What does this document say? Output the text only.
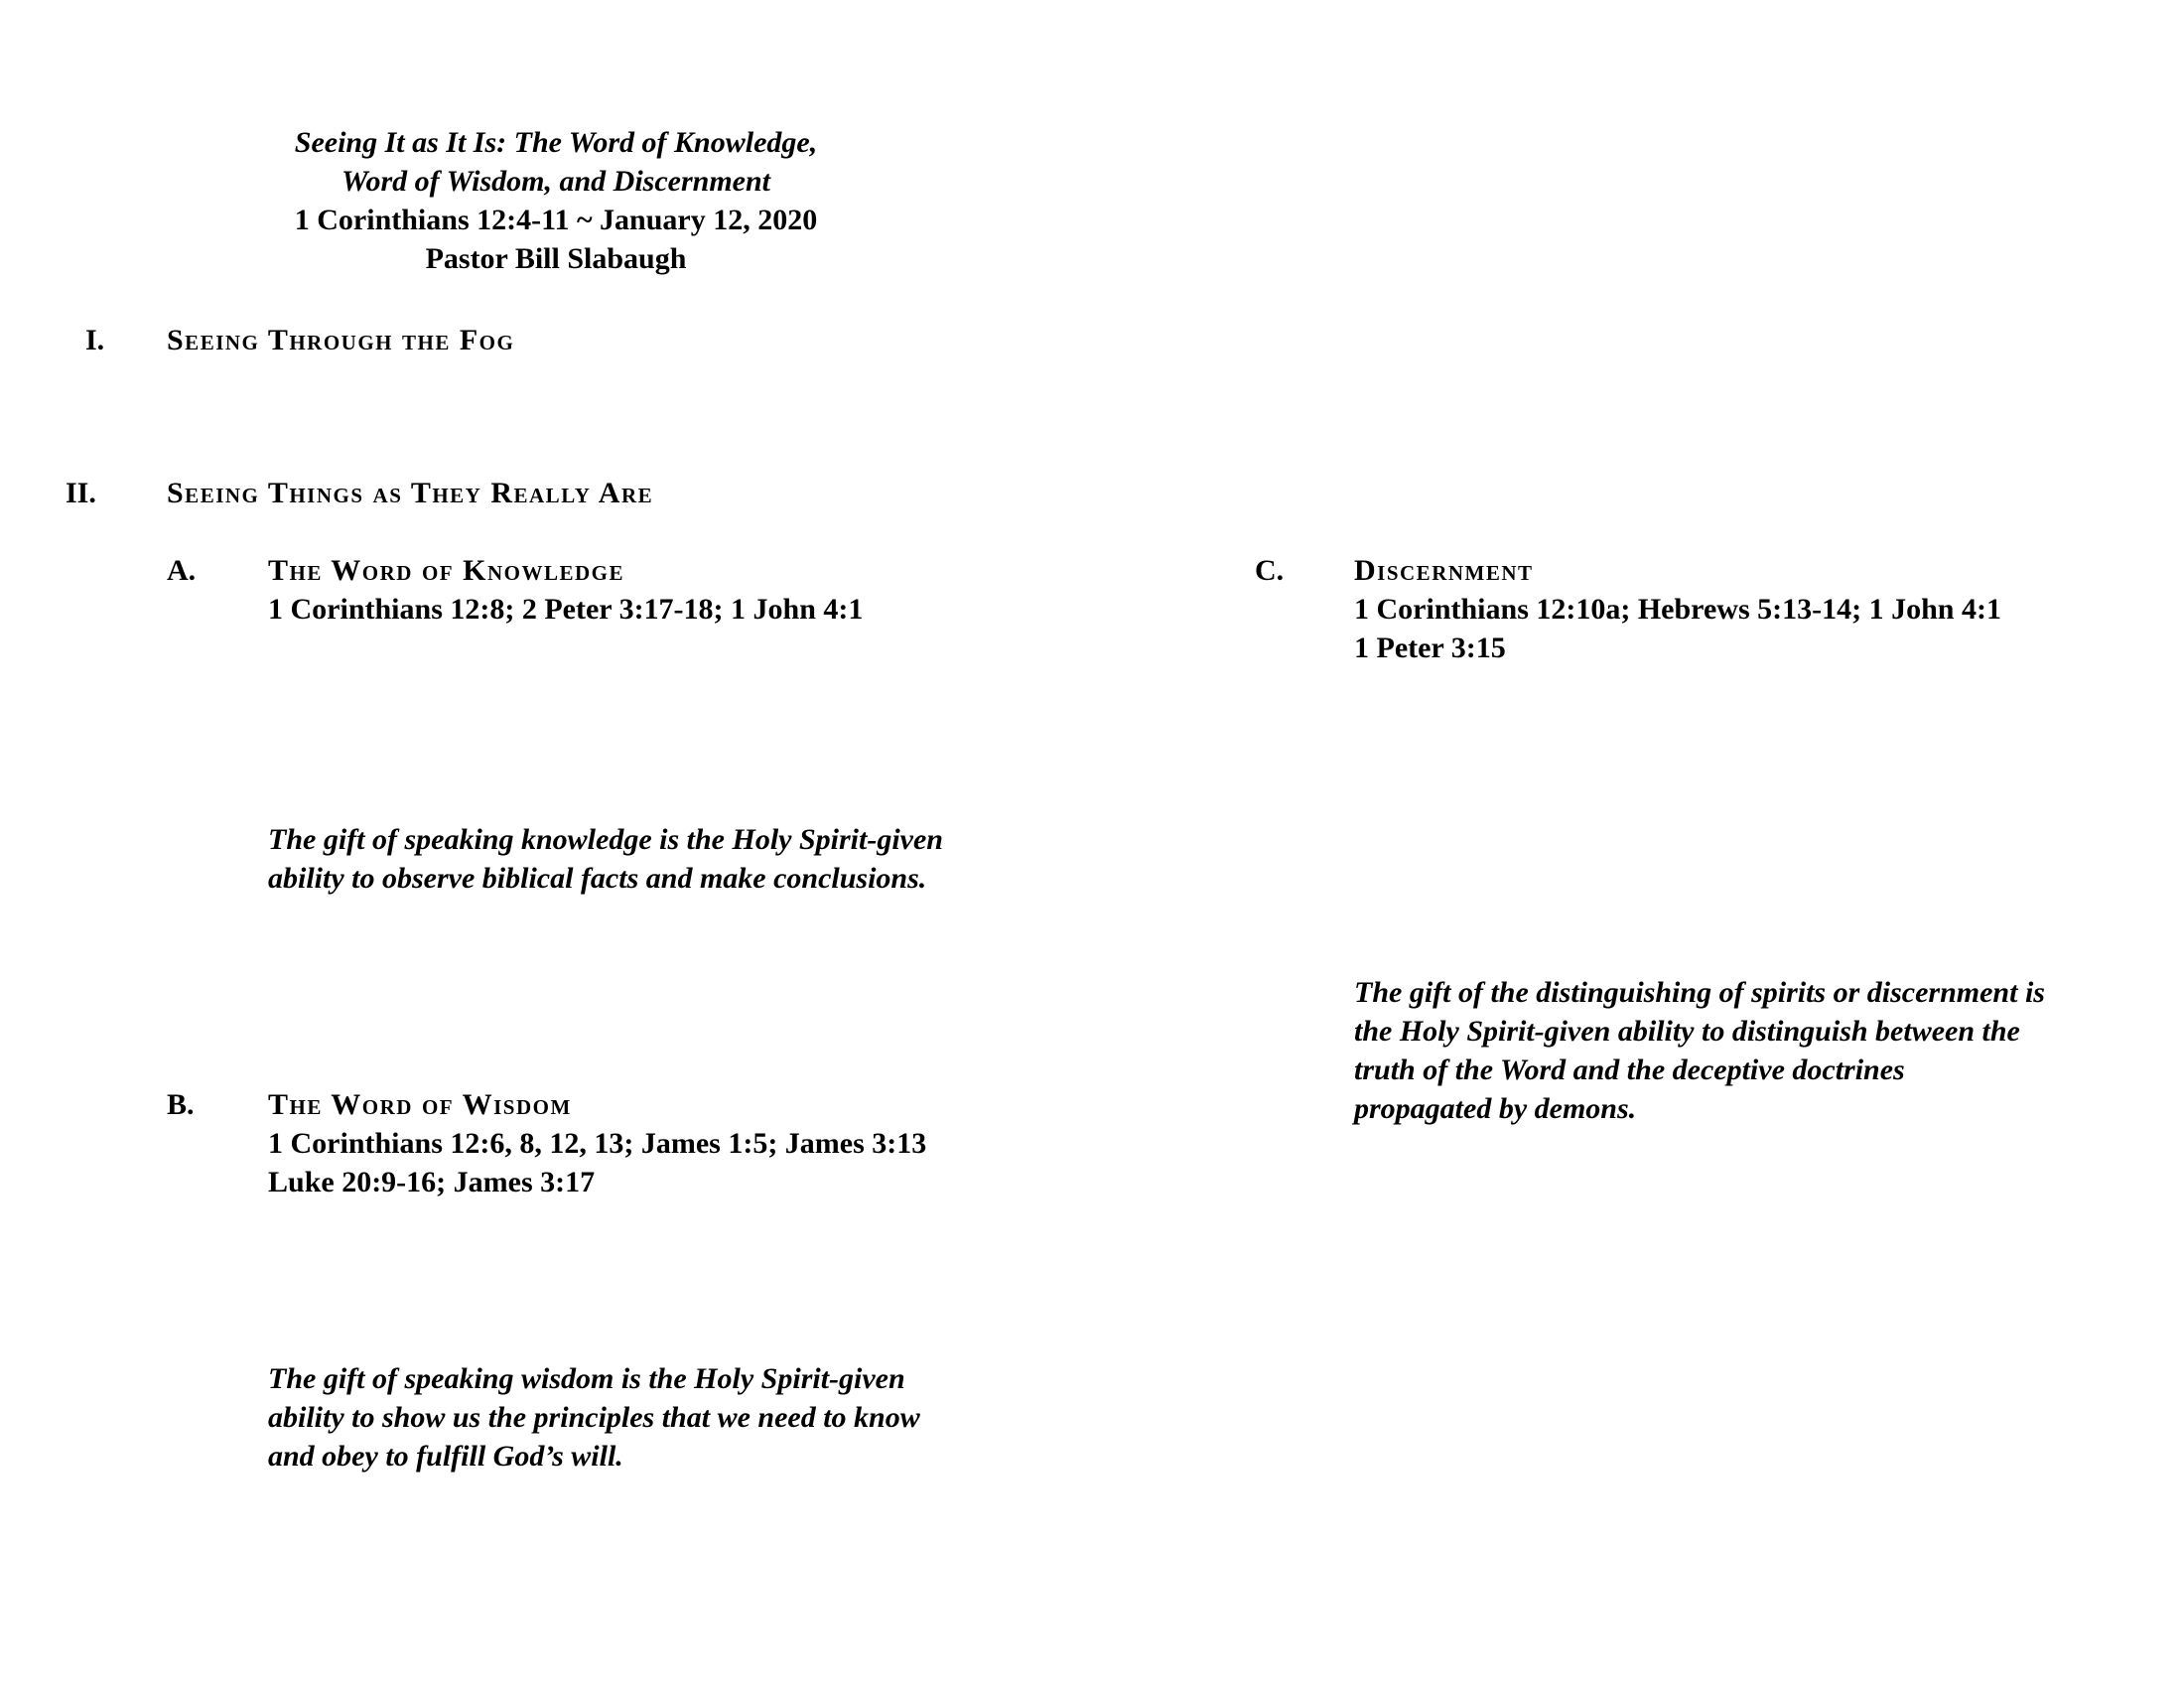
Seeing It as It Is: The Word of Knowledge,
Word of Wisdom, and Discernment
1 Corinthians 12:4-11 ~ January 12, 2020
Pastor Bill Slabaugh
I. Seeing Through the Fog
II. Seeing Things as They Really Are
A. The Word of Knowledge
1 Corinthians 12:8; 2 Peter 3:17-18; 1 John 4:1
The gift of speaking knowledge is the Holy Spirit-given
ability to observe biblical facts and make conclusions.
B. The Word of Wisdom
1 Corinthians 12:6, 8, 12, 13; James 1:5; James 3:13
Luke 20:9-16; James 3:17
The gift of speaking wisdom is the Holy Spirit-given
ability to show us the principles that we need to know
and obey to fulfill God’s will.
C. Discernment
1 Corinthians 12:10a; Hebrews 5:13-14; 1 John 4:1
1 Peter 3:15
The gift of the distinguishing of spirits or discernment is
the Holy Spirit-given ability to distinguish between the
truth of the Word and the deceptive doctrines
propagated by demons.
